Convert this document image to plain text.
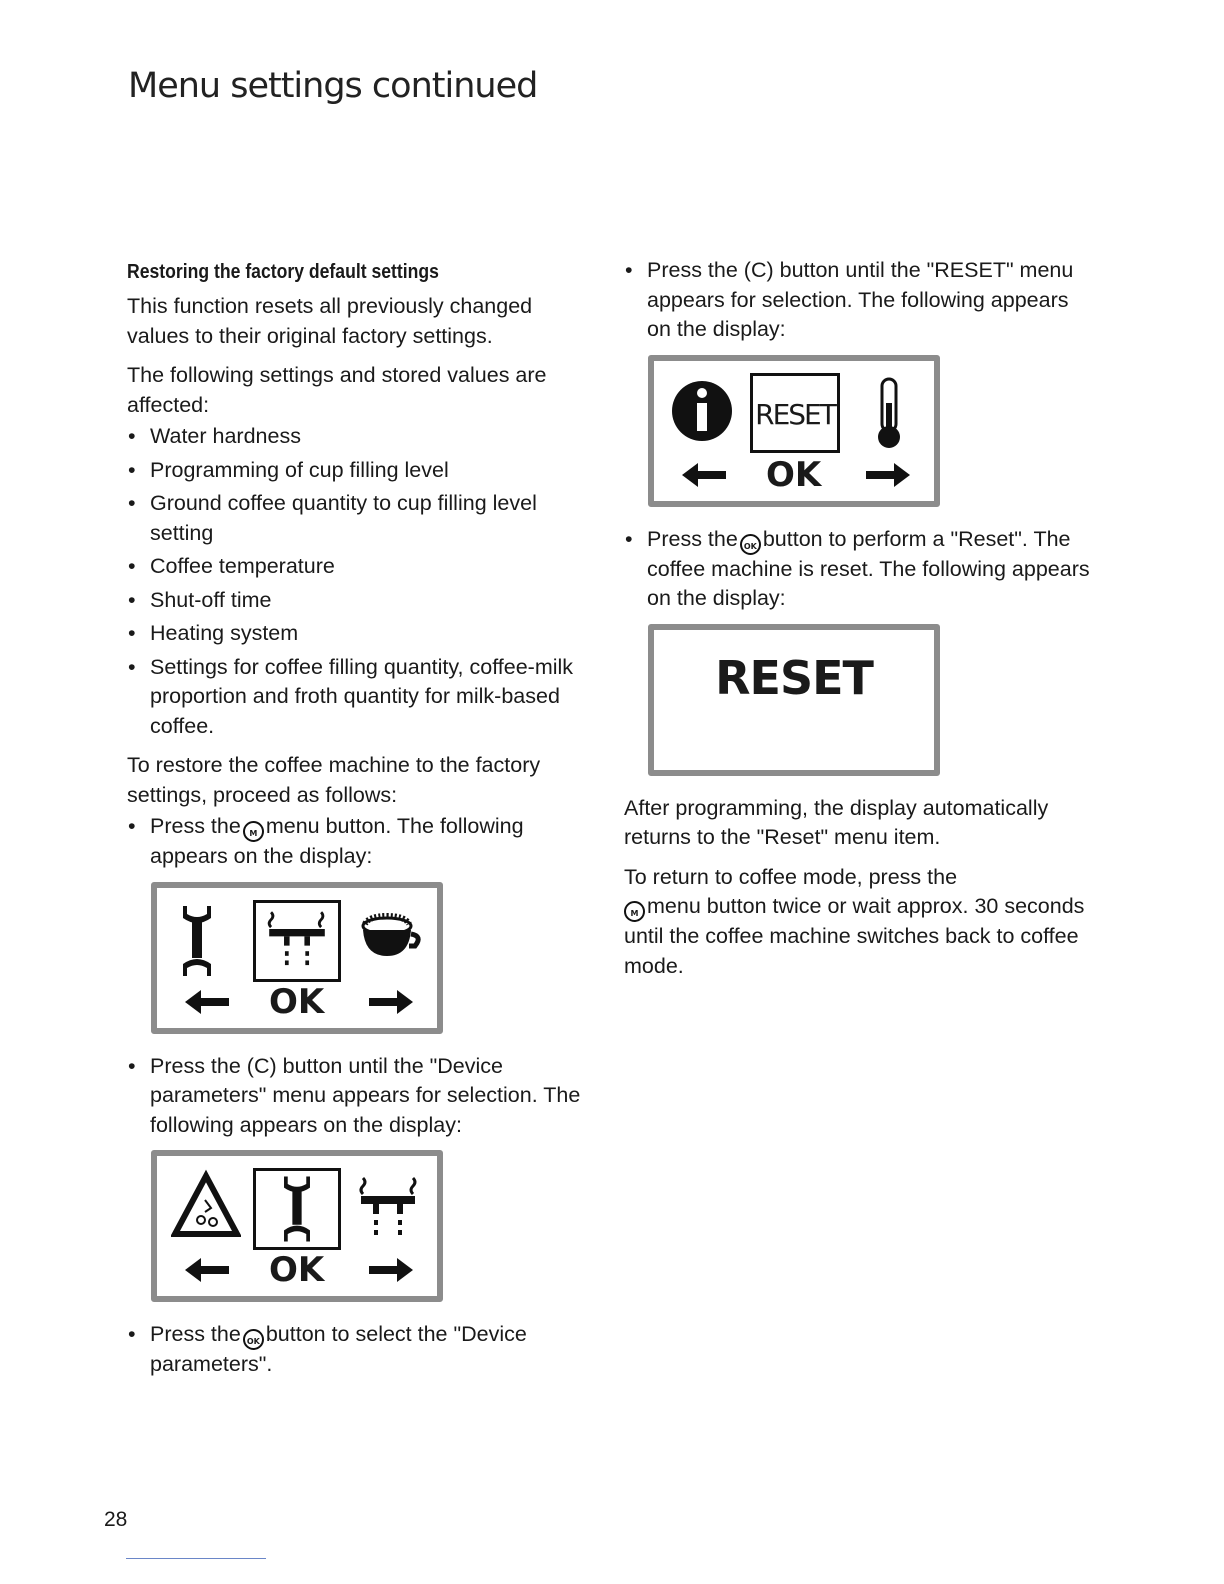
Menu settings continued
Restoring the factory default settings

This function resets all previously changed values to their original factory settings.

The following settings and stored values are affected:

• Water hardness
• Programming of cup filling level
• Ground coffee quantity to cup filling level setting
• Coffee temperature
• Shut-off time
• Heating system
• Settings for coffee filling quantity, coffee-milk proportion and froth quantity for milk-based coffee.

To restore the coffee machine to the factory settings, proceed as follows:

• Press the M menu button. The following appears on the display:
OK
• Press the (C) button until the "Device parameters" menu appears for selection. The following appears on the display:
OK
• Press the OK button to select the "Device parameters".
• Press the (C) button until the "RESET" menu appears for selection. The following appears on the display:
RESET
OK
• Press the OK button to perform a "Reset". The coffee machine is reset. The following appears on the display:
RESET

After programming, the display automatically returns to the "Reset" menu item.

To return to coffee mode, press the
M menu button twice or wait approx. 30 seconds until the coffee machine switches back to coffee mode.

28
